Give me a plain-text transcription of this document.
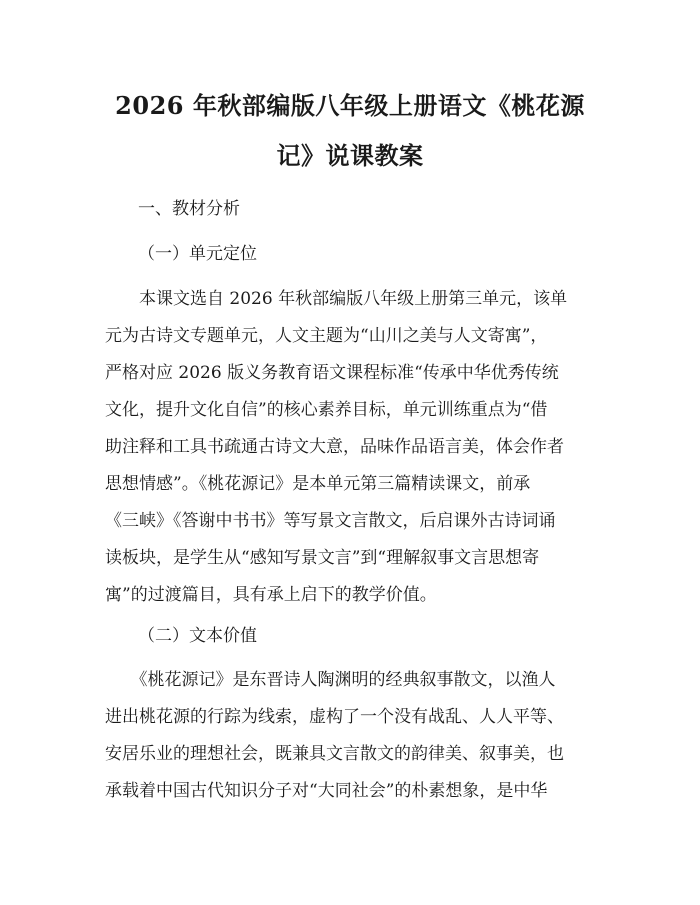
2026 年秋部编版八年级上册语文《桃花源
记》说课教案
一、教材分析
（一）单元定位

　　本课文选自 2026 年秋部编版八年级上册第三单元，该单
元为古诗文专题单元，人文主题为“山川之美与人文寄寓”，
严格对应 2026 版义务教育语文课程标准“传承中华优秀传统
文化，提升文化自信”的核心素养目标，单元训练重点为“借
助注释和工具书疏通古诗文大意，品味作品语言美，体会作者
思想情感”。《桃花源记》是本单元第三篇精读课文，前承
《三峡》《答谢中书书》等写景文言散文，后启课外古诗词诵
读板块，是学生从“感知写景文言”到“理解叙事文言思想寄
寓”的过渡篇目，具有承上启下的教学价值。

（二）文本价值

　　《桃花源记》是东晋诗人陶渊明的经典叙事散文，以渔人
进出桃花源的行踪为线索，虚构了一个没有战乱、人人平等、
安居乐业的理想社会，既兼具文言散文的韵律美、叙事美，也
承载着中国古代知识分子对“大同社会”的朴素想象，是中华
